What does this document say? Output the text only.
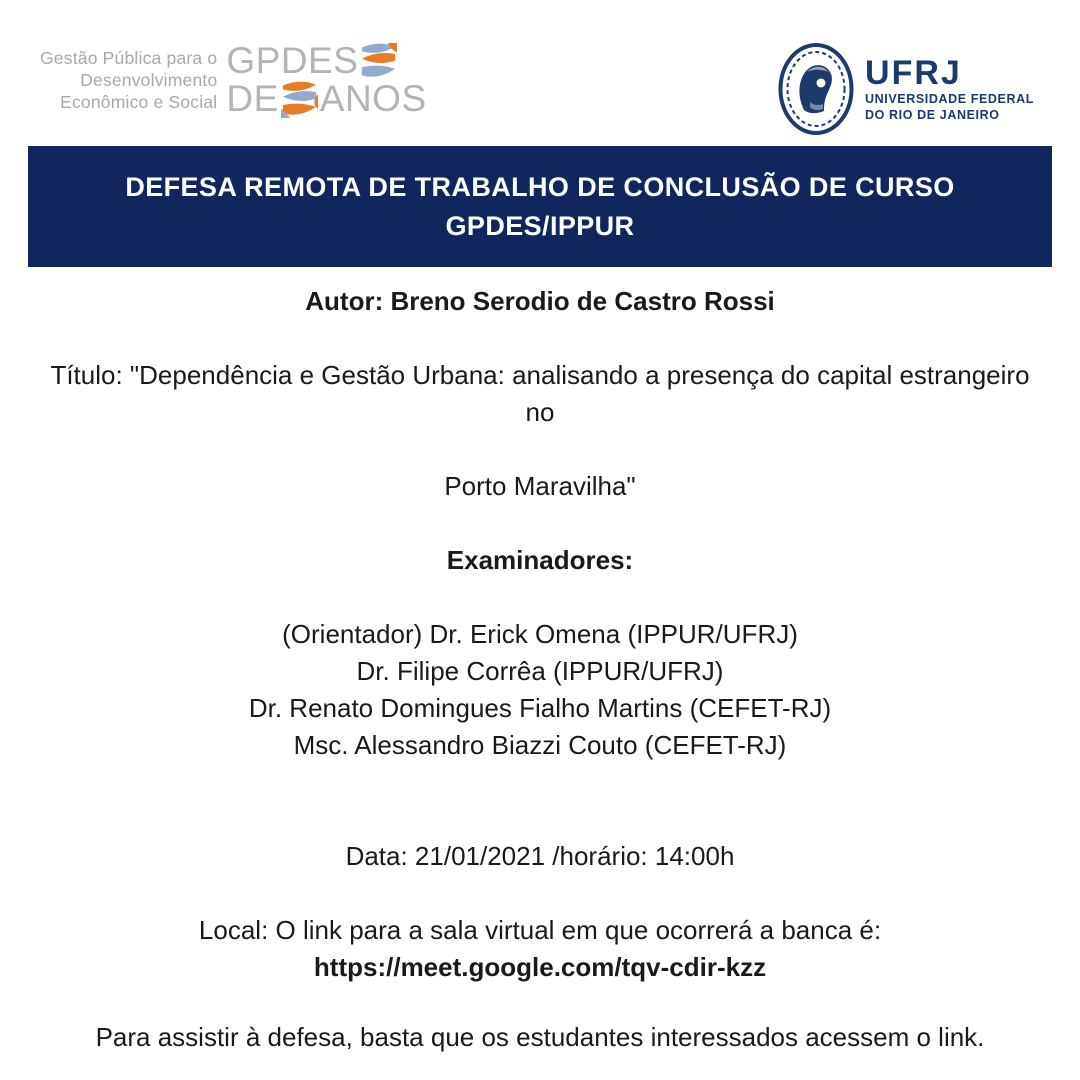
Gestão Pública para o
Desenvolvimento
Econômico e Social
GPDES
DE ANOS
UFRJ
UNIVERSIDADE FEDERAL
DO RIO DE JANEIRO
DEFESA REMOTA DE TRABALHO DE CONCLUSÃO DE CURSO
GPDES/IPPUR
Autor: Breno Serodio de Castro Rossi
Título: "Dependência e Gestão Urbana: analisando a presença do capital estrangeiro
no
Porto Maravilha"
Examinadores:
(Orientador) Dr. Erick Omena (IPPUR/UFRJ)
Dr. Filipe Corrêa (IPPUR/UFRJ)
Dr. Renato Domingues Fialho Martins (CEFET-RJ)
Msc. Alessandro Biazzi Couto (CEFET-RJ)
Data: 21/01/2021 /horário: 14:00h
Local: O link para a sala virtual em que ocorrerá a banca é:
https://meet.google.com/tqv-cdir-kzz
Para assistir à defesa, basta que os estudantes interessados acessem o link.
